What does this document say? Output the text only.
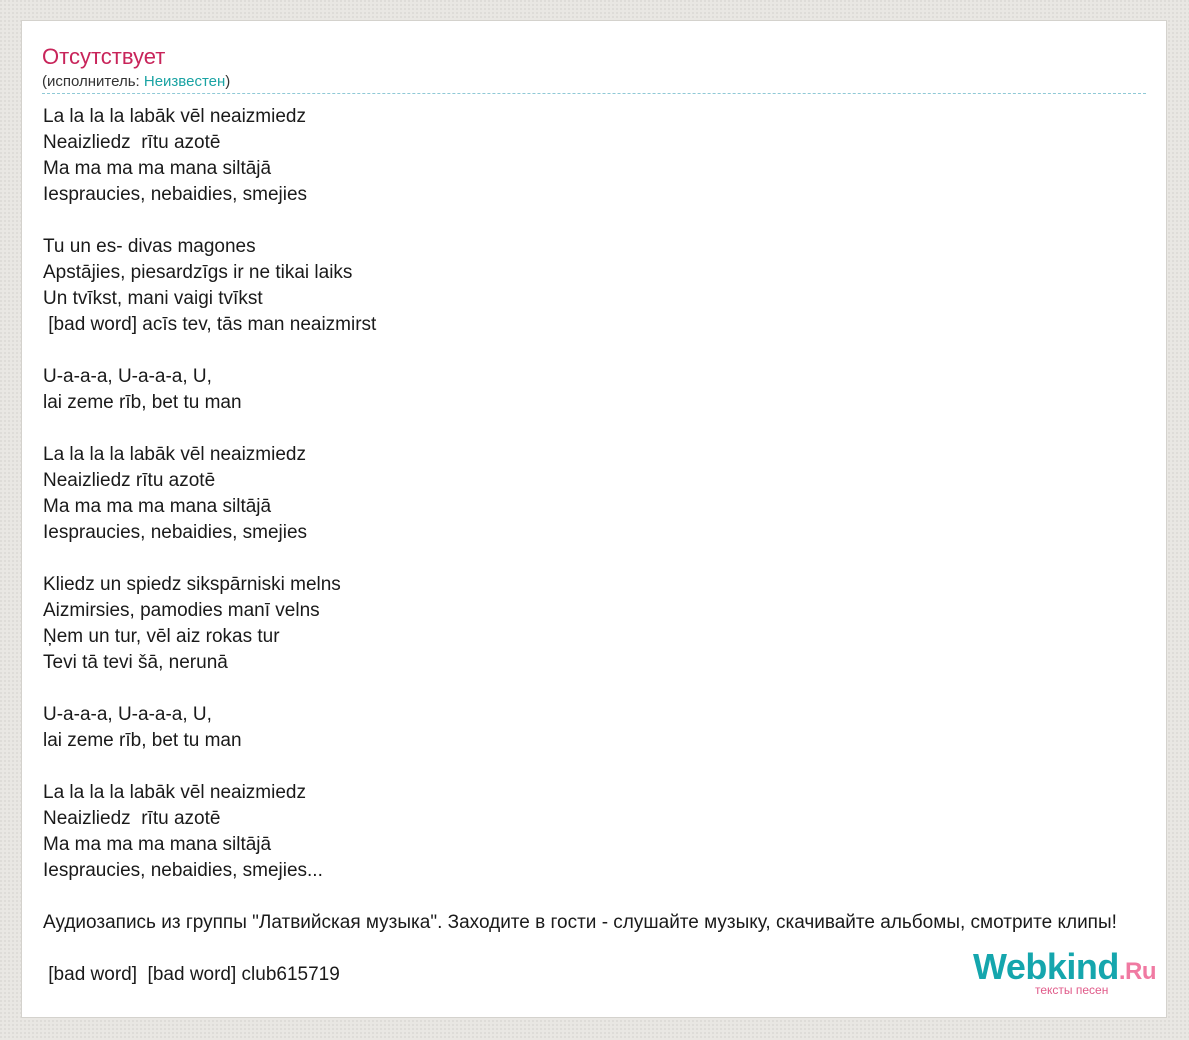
Отсутствует
(исполнитель: Неизвестен)
La la la la labāk vēl neaizmiedz
Neaizliedz  rītu azotē
Ma ma ma ma mana siltājā
Iespraucies, nebaidies, smejies

Tu un es- divas magones
Apstājies, piesardzīgs ir ne tikai laiks
Un tvīkst, mani vaigi tvīkst
[bad word] acīs tev, tās man neaizmirst

U-a-a-a, U-a-a-a, U,
lai zeme rīb, bet tu man

La la la la labāk vēl neaizmiedz
Neaizliedz rītu azotē
Ma ma ma ma mana siltājā
Iespraucies, nebaidies, smejies

Kliedz un spiedz sikspārniski melns
Aizmirsies, pamodies manī velns
Ņem un tur, vēl aiz rokas tur
Tevi tā tevi šā, nerunā

U-a-a-a, U-a-a-a, U,
lai zeme rīb, bet tu man

La la la la labāk vēl neaizmiedz
Neaizliedz  rītu azotē
Ma ma ma ma mana siltājā
Iespraucies, nebaidies, smejies...

Аудиозапись из группы "Латвийская музыка". Заходите в гости - слушайте музыку, скачивайте альбомы, смотрите клипы!

[bad word]  [bad word] club615719	Webkind.Ru
тексты песен
